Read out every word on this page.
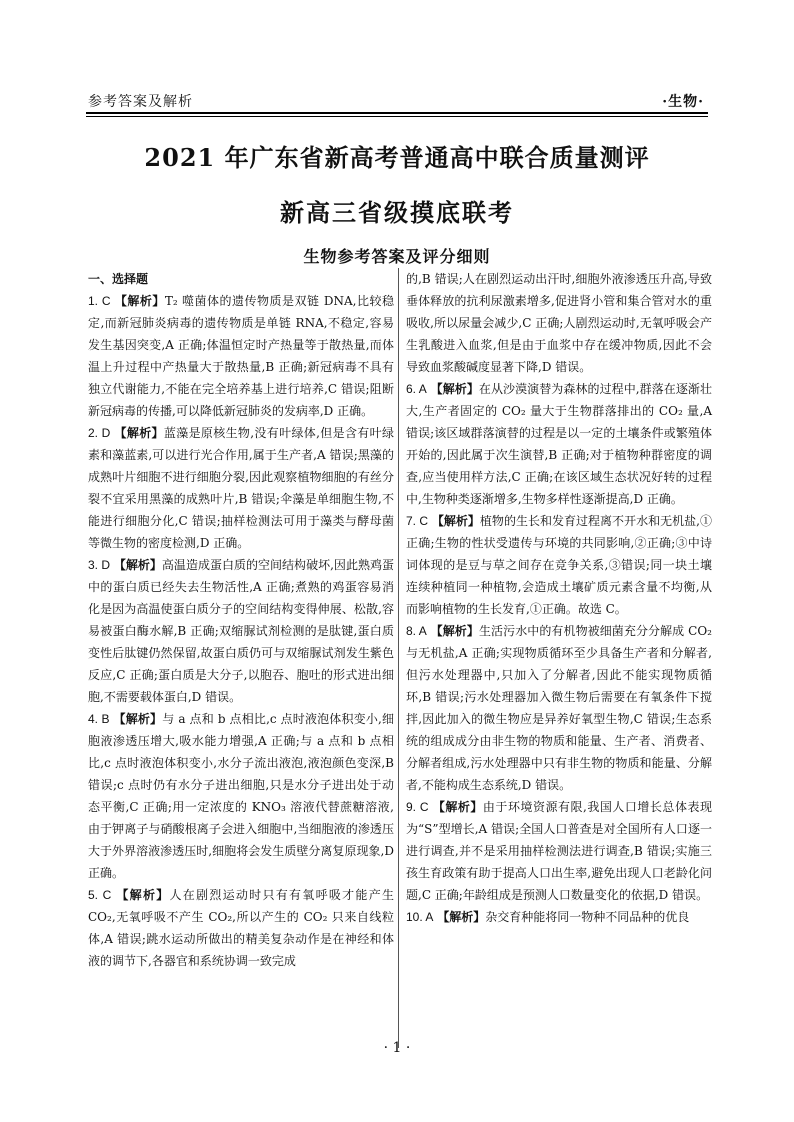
参考答案及解析	·生物·
2021 年广东省新高考普通高中联合质量测评
新高三省级摸底联考
生物参考答案及评分细则
一、选择题

1. C 【解析】T₂ 噬菌体的遗传物质是双链 DNA,比较稳定,而新冠肺炎病毒的遗传物质是单链 RNA,不稳定,容易发生基因突变,A 正确;体温恒定时产热量等于散热量,而体温上升过程中产热量大于散热量,B 正确;新冠病毒不具有独立代谢能力,不能在完全培养基上进行培养,C 错误;阻断新冠病毒的传播,可以降低新冠肺炎的发病率,D 正确。

2. D 【解析】蓝藻是原核生物,没有叶绿体,但是含有叶绿素和藻蓝素,可以进行光合作用,属于生产者,A 错误;黑藻的成熟叶片细胞不进行细胞分裂,因此观察植物细胞的有丝分裂不宜采用黑藻的成熟叶片,B 错误;伞藻是单细胞生物,不能进行细胞分化,C 错误;抽样检测法可用于藻类与酵母菌等微生物的密度检测,D 正确。

3. D 【解析】高温造成蛋白质的空间结构破坏,因此熟鸡蛋中的蛋白质已经失去生物活性,A 正确;煮熟的鸡蛋容易消化是因为高温使蛋白质分子的空间结构变得伸展、松散,容易被蛋白酶水解,B 正确;双缩脲试剂检测的是肽键,蛋白质变性后肽键仍然保留,故蛋白质仍可与双缩脲试剂发生紫色反应,C 正确;蛋白质是大分子,以胞吞、胞吐的形式进出细胞,不需要载体蛋白,D 错误。

4. B 【解析】与 a 点和 b 点相比,c 点时液泡体积变小,细胞液渗透压增大,吸水能力增强,A 正确;与 a 点和 b 点相比,c 点时液泡体积变小,水分子流出液泡,液泡颜色变深,B 错误;c 点时仍有水分子进出细胞,只是水分子进出处于动态平衡,C 正确;用一定浓度的 KNO₃ 溶液代替蔗糖溶液,由于钾离子与硝酸根离子会进入细胞中,当细胞液的渗透压大于外界溶液渗透压时,细胞将会发生质壁分离复原现象,D 正确。

5. C 【解析】人在剧烈运动时只有有氧呼吸才能产生 CO₂,无氧呼吸不产生 CO₂,所以产生的 CO₂ 只来自线粒体,A 错误;跳水运动所做出的精美复杂动作是在神经和体液的调节下,各器官和系统协调一致完成

的,B 错误;人在剧烈运动出汗时,细胞外液渗透压升高,导致垂体释放的抗利尿激素增多,促进肾小管和集合管对水的重吸收,所以尿量会减少,C 正确;人剧烈运动时,无氧呼吸会产生乳酸进入血浆,但是由于血浆中存在缓冲物质,因此不会导致血浆酸碱度显著下降,D 错误。

6. A 【解析】在从沙漠演替为森林的过程中,群落在逐渐壮大,生产者固定的 CO₂ 量大于生物群落排出的 CO₂ 量,A 错误;该区域群落演替的过程是以一定的土壤条件或繁殖体开始的,因此属于次生演替,B 正确;对于植物种群密度的调查,应当使用样方法,C 正确;在该区域生态状况好转的过程中,生物种类逐渐增多,生物多样性逐渐提高,D 正确。

7. C 【解析】植物的生长和发育过程离不开水和无机盐,①正确;生物的性状受遗传与环境的共同影响,②正确;③中诗词体现的是豆与草之间存在竞争关系,③错误;同一块土壤连续种植同一种植物,会造成土壤矿质元素含量不均衡,从而影响植物的生长发育,①正确。故选 C。

8. A 【解析】生活污水中的有机物被细菌充分分解成 CO₂ 与无机盐,A 正确;实现物质循环至少具备生产者和分解者,但污水处理器中,只加入了分解者,因此不能实现物质循环,B 错误;污水处理器加入微生物后需要在有氧条件下搅拌,因此加入的微生物应是异养好氧型生物,C 错误;生态系统的组成成分由非生物的物质和能量、生产者、消费者、分解者组成,污水处理器中只有非生物的物质和能量、分解者,不能构成生态系统,D 错误。

9. C 【解析】由于环境资源有限,我国人口增长总体表现为“S”型增长,A 错误;全国人口普查是对全国所有人口逐一进行调查,并不是采用抽样检测法进行调查,B 错误;实施三孩生育政策有助于提高人口出生率,避免出现人口老龄化问题,C 正确;年龄组成是预测人口数量变化的依据,D 错误。

10. A 【解析】杂交育种能将同一物种不同品种的优良

· 1 ·
